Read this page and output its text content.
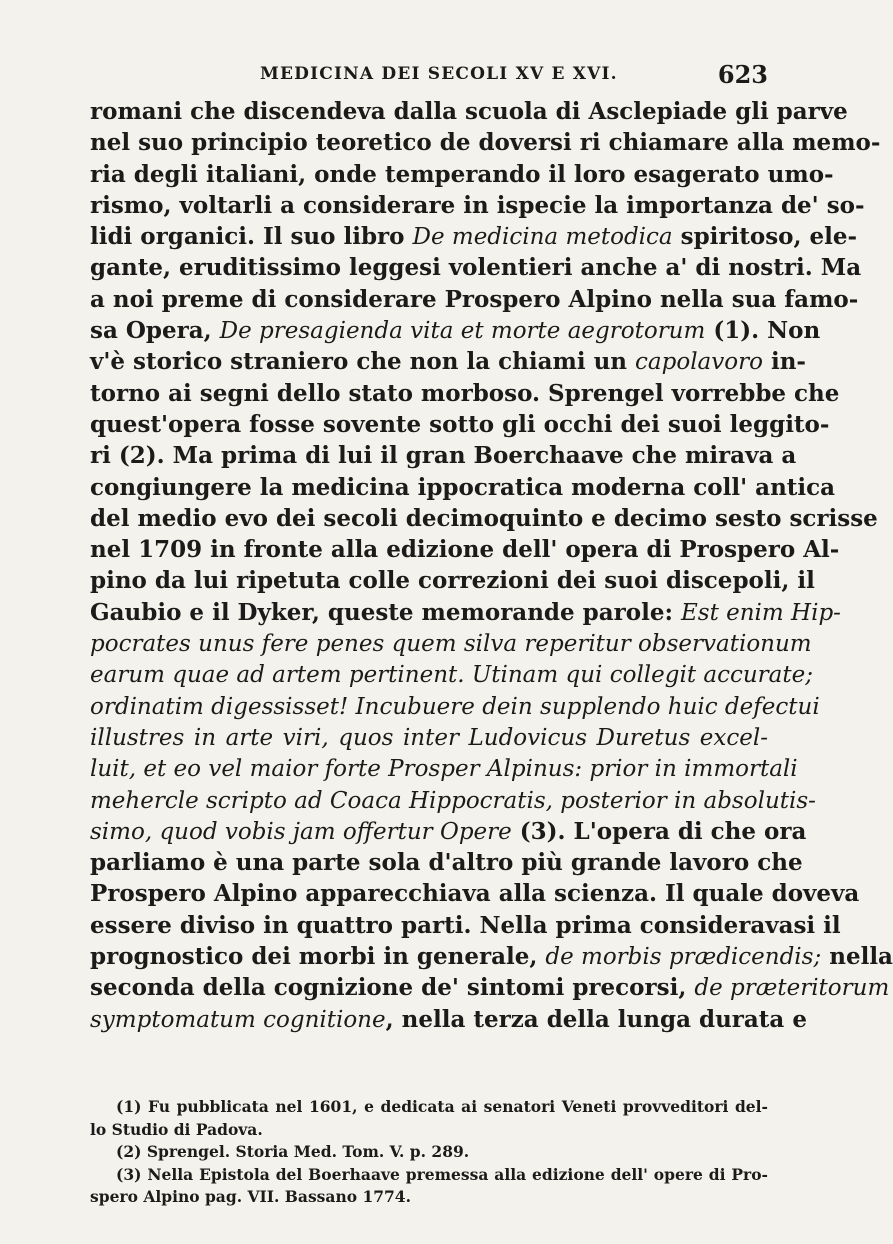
MEDICINA DEI SECOLI XV E XVI.	623
romani che discendeva dalla scuola di Asclepiade gli parve
nel suo principio teoretico de doversi ri chiamare alla memo-
ria degli italiani, onde temperando il loro esagerato umo-
rismo, voltarli a considerare in ispecie la importanza de' so-
lidi organici. Il suo libro De medicina metodica spiritoso, ele-
gante, eruditissimo leggesi volentieri anche a' di nostri. Ma
a noi preme di considerare Prospero Alpino nella sua famo-
sa Opera, De presagienda vita et morte aegrotorum (1). Non
v'è storico straniero che non la chiami un capolavoro in-
torno ai segni dello stato morboso. Sprengel vorrebbe che
quest'opera fosse sovente sotto gli occhi dei suoi leggito-
ri (2). Ma prima di lui il gran Boerchaave che mirava a
congiungere la medicina ippocratica moderna coll' antica
del medio evo dei secoli decimoquinto e decimo sesto scrisse
nel 1709 in fronte alla edizione dell' opera di Prospero Al-
pino da lui ripetuta colle correzioni dei suoi discepoli, il
Gaubio e il Dyker, queste memorande parole: Est enim Hip-
pocrates unus fere penes quem silva reperitur observationum
earum quae ad artem pertinent. Utinam qui collegit accurate;
ordinatim digessisset! Incubuere dein supplendo huic defectui
illustres in arte viri, quos inter Ludovicus Duretus excel-
luit, et eo vel maior forte Prosper Alpinus: prior in immortali
mehercle scripto ad Coaca Hippocratis, posterior in absolutis-
simo, quod vobis jam offertur Opere (3). L'opera di che ora
parliamo è una parte sola d'altro più grande lavoro che
Prospero Alpino apparecchiava alla scienza. Il quale doveva
essere diviso in quattro parti. Nella prima consideravasi il
prognostico dei morbi in generale, de morbis prædicendis; nella
seconda della cognizione de' sintomi precorsi, de præteritorum
symptomatum cognitione, nella terza della lunga durata e
(1) Fu pubblicata nel 1601, e dedicata ai senatori Veneti provveditori del-
lo Studio di Padova.
(2) Sprengel. Storia Med. Tom. V. p. 289.
(3) Nella Epistola del Boerhaave premessa alla edizione dell' opere di Pro-
spero Alpino pag. VII. Bassano 1774.
